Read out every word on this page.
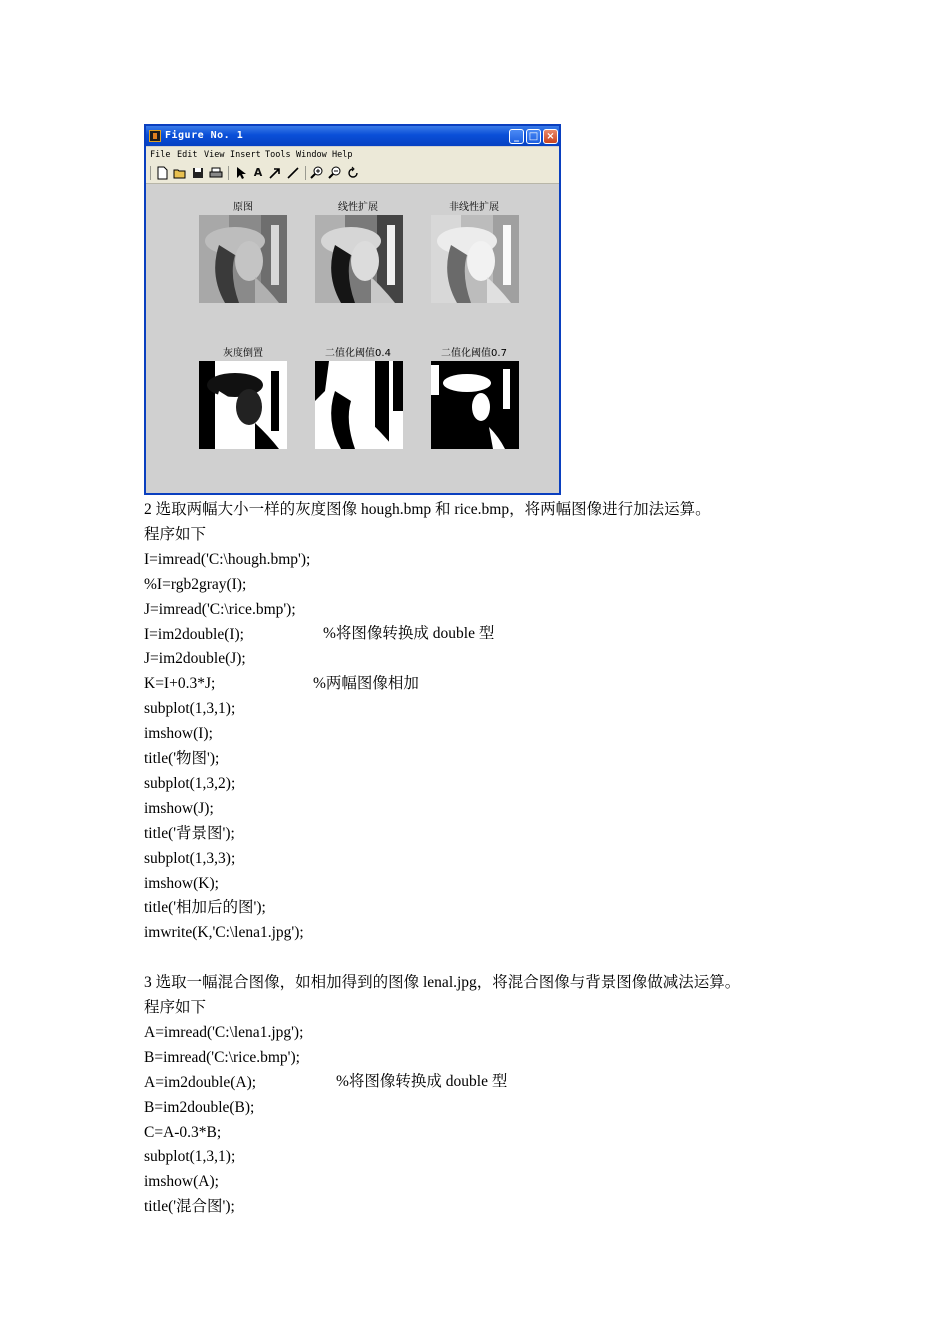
Figure No. 1	_ □ ×
File Edit View Insert Tools Window Help
A
原图	线性扩展	非线性扩展
灰度倒置	二值化阈值0.4	二值化阈值0.7
2 选取两幅大小一样的灰度图像 hough.bmp 和 rice.bmp，将两幅图像进行加法运算。
程序如下
I=imread('C:\hough.bmp');
%I=rgb2gray(I);
J=imread('C:\rice.bmp');
I=im2double(I);
J=im2double(J);
K=I+0.3*J;
subplot(1,3,1);
imshow(I);
title('物图');
subplot(1,3,2);
imshow(J);
title('背景图');
subplot(1,3,3);
imshow(K);
title('相加后的图');
imwrite(K,'C:\lena1.jpg');
3 选取一幅混合图像，如相加得到的图像 lenal.jpg，将混合图像与背景图像做减法运算。
程序如下
A=imread('C:\lena1.jpg');
B=imread('C:\rice.bmp');
A=im2double(A);
B=im2double(B);
C=A-0.3*B;
subplot(1,3,1);
imshow(A);
title('混合图');
%将图像转换成 double 型
%两幅图像相加
%将图像转换成 double 型
